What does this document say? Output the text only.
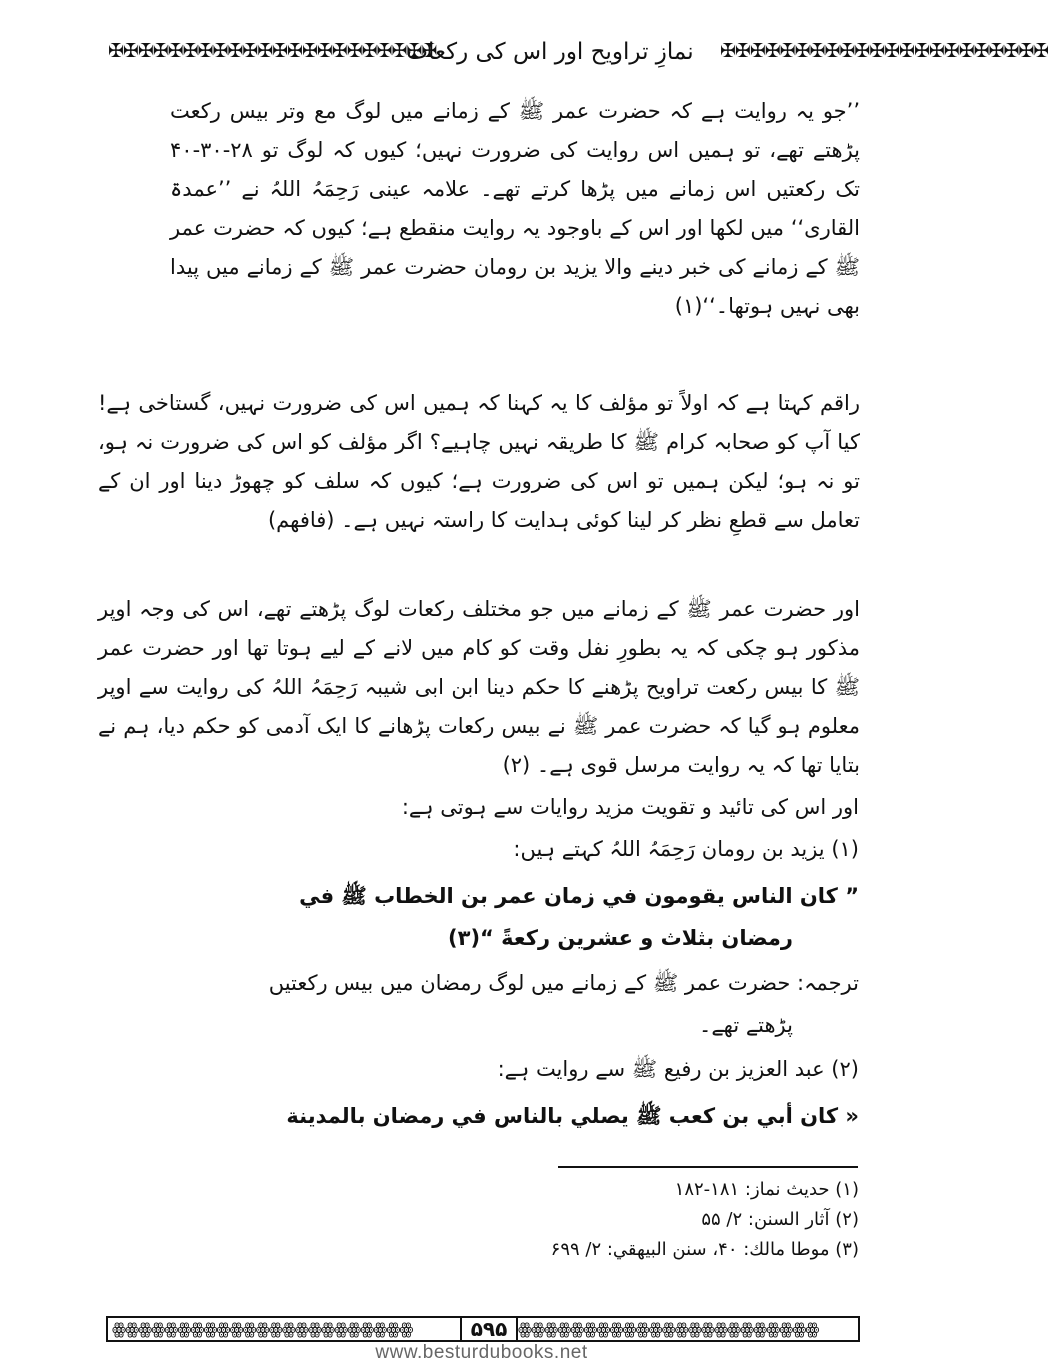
✠✠✠✠✠✠✠✠✠✠✠✠✠✠✠✠✠✠✠✠✠✠
نمازِ تراویح اور اس کی رکعات	✠✠✠✠✠✠✠✠✠✠✠✠✠✠✠✠✠✠✠✠✠✠
’’جو یہ روایت ہے کہ حضرت عمر ﷺ کے زمانے میں لوگ مع وتر بیس رکعت پڑھتے تھے، تو ہمیں اس روایت کی ضرورت نہیں؛ کیوں کہ لوگ تو ۲۸-۳۰-۴۰ تک رکعتیں اس زمانے میں پڑھا کرتے تھے۔ علامہ عینی رَحِمَہُ اللہُ نے ’’عمدۃ القاری‘‘ میں لکھا اور اس کے باوجود یہ روایت منقطع ہے؛ کیوں کہ حضرت عمر ﷺ کے زمانے کی خبر دینے والا یزید بن رومان حضرت عمر ﷺ کے زمانے میں پیدا بھی نہیں ہوتھا۔‘‘(۱)
راقم کہتا ہے کہ اولاً تو مؤلف کا یہ کہنا کہ ہمیں اس کی ضرورت نہیں، گستاخی ہے! کیا آپ کو صحابہ کرام ﷺ کا طریقہ نہیں چاہیے؟ اگر مؤلف کو اس کی ضرورت نہ ہو، تو نہ ہو؛ لیکن ہمیں تو اس کی ضرورت ہے؛ کیوں کہ سلف کو چھوڑ دینا اور ان کے تعامل سے قطعِ نظر کر لینا کوئی ہدایت کا راستہ نہیں ہے۔ (فافهم)
اور حضرت عمر ﷺ کے زمانے میں جو مختلف رکعات لوگ پڑھتے تھے، اس کی وجہ اوپر مذکور ہو چکی کہ یہ بطورِ نفل وقت کو کام میں لانے کے لیے ہوتا تھا اور حضرت عمر ﷺ کا بیس رکعت تراویح پڑھنے کا حکم دینا ابن ابی شیبہ رَحِمَہُ اللہُ کی روایت سے اوپر معلوم ہو گیا کہ حضرت عمر ﷺ نے بیس رکعات پڑھانے کا ایک آدمی کو حکم دیا، ہم نے بتایا تھا کہ یہ روایت مرسل قوی ہے۔ (۲)
اور اس کی تائید و تقویت مزید روایات سے ہوتی ہے:
(۱) یزید بن رومان رَحِمَہُ اللہُ کہتے ہیں:
” كان الناس يقومون في زمان عمر بن الخطاب ﷺ في
رمضان بثلاث و عشرين ركعةً “(۳)
ترجمہ: حضرت عمر ﷺ کے زمانے میں لوگ رمضان میں بیس رکعتیں
پڑھتے تھے۔
(۲) عبد العزیز بن رفیع ﷺ سے روایت ہے:
« كان أبي بن كعب ﷺ يصلي بالناس في رمضان بالمدينة
(۱) حدیث نماز: ۱۸۱-۱۸۲
(۲) آثار السنن: ۲/ ۵۵
(۳) موطا مالك: ۴۰، سنن البيهقي: ۲/ ۶۹۹
ꙮꙮꙮꙮꙮꙮꙮꙮꙮꙮꙮꙮꙮꙮꙮꙮꙮꙮꙮꙮꙮꙮꙮ	۵۹۵ ꙮꙮꙮꙮꙮꙮꙮꙮꙮꙮꙮꙮꙮꙮꙮꙮꙮꙮꙮꙮꙮꙮꙮ
www.besturdubooks.net
